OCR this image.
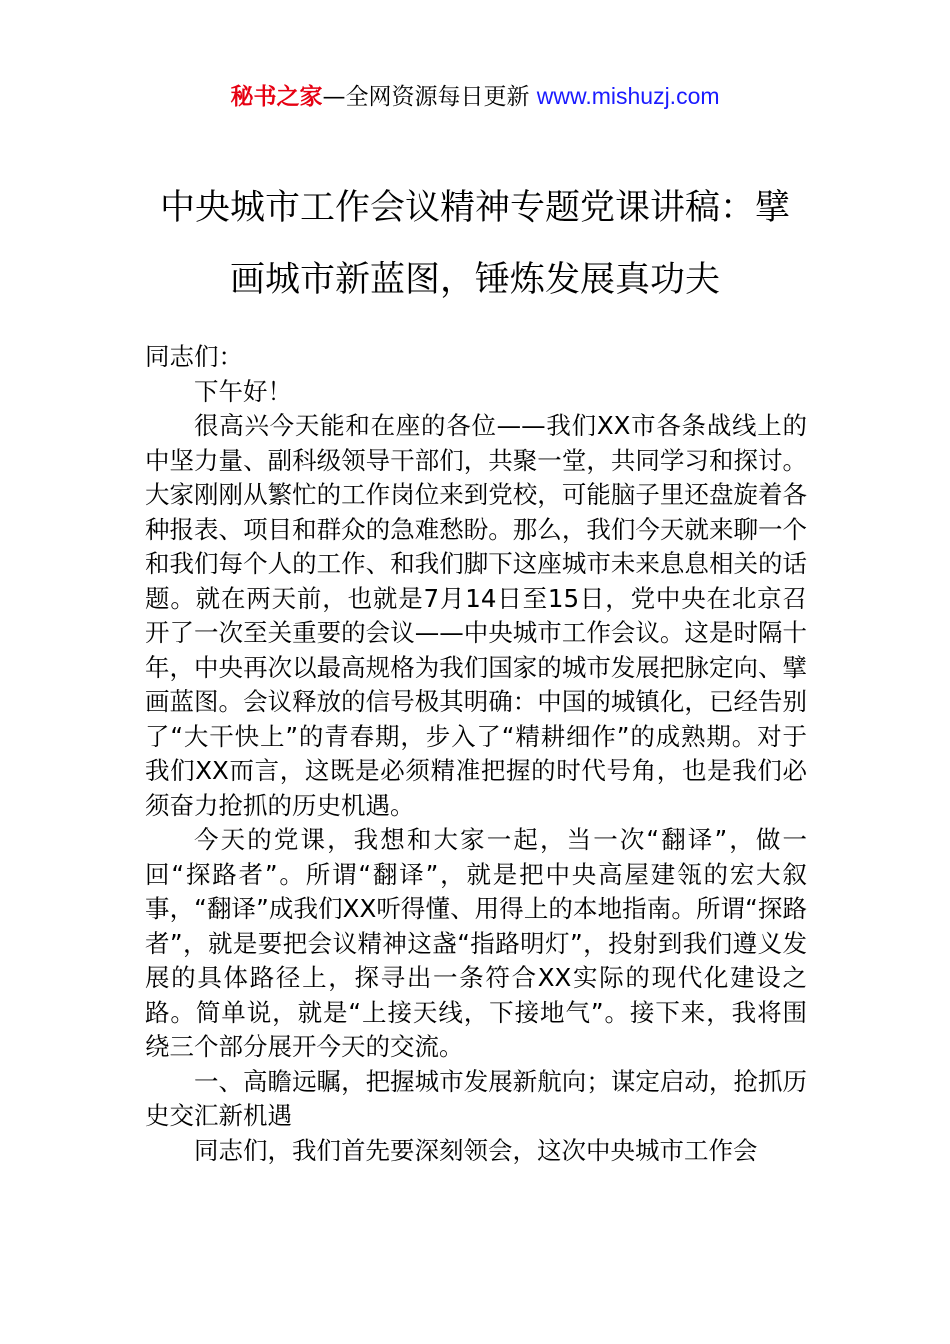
秘书之家—全网资源每日更新 www.mishuzj.com
中央城市工作会议精神专题党课讲稿：擘
画城市新蓝图，锤炼发展真功夫

同志们：

下午好！

很高兴今天能和在座的各位——我们XX市各条战线上的中坚力量、副科级领导干部们，共聚一堂，共同学习和探讨。大家刚刚从繁忙的工作岗位来到党校，可能脑子里还盘旋着各种报表、项目和群众的急难愁盼。那么，我们今天就来聊一个和我们每个人的工作、和我们脚下这座城市未来息息相关的话题。就在两天前，也就是7月14日至15日，党中央在北京召开了一次至关重要的会议——中央城市工作会议。这是时隔十年，中央再次以最高规格为我们国家的城市发展把脉定向、擘画蓝图。会议释放的信号极其明确：中国的城镇化，已经告别了“大干快上”的青春期，步入了“精耕细作”的成熟期。对于我们XX而言，这既是必须精准把握的时代号角，也是我们必须奋力抢抓的历史机遇。

今天的党课，我想和大家一起，当一次“翻译”，做一回“探路者”。所谓“翻译”，就是把中央高屋建瓴的宏大叙事，“翻译”成我们XX听得懂、用得上的本地指南。所谓“探路者”，就是要把会议精神这盏“指路明灯”，投射到我们遵义发展的具体路径上，探寻出一条符合XX实际的现代化建设之路。简单说，就是“上接天线，下接地气”。接下来，我将围绕三个部分展开今天的交流。

一、高瞻远瞩，把握城市发展新航向；谋定启动，抢抓历史交汇新机遇

同志们，我们首先要深刻领会，这次中央城市工作会
